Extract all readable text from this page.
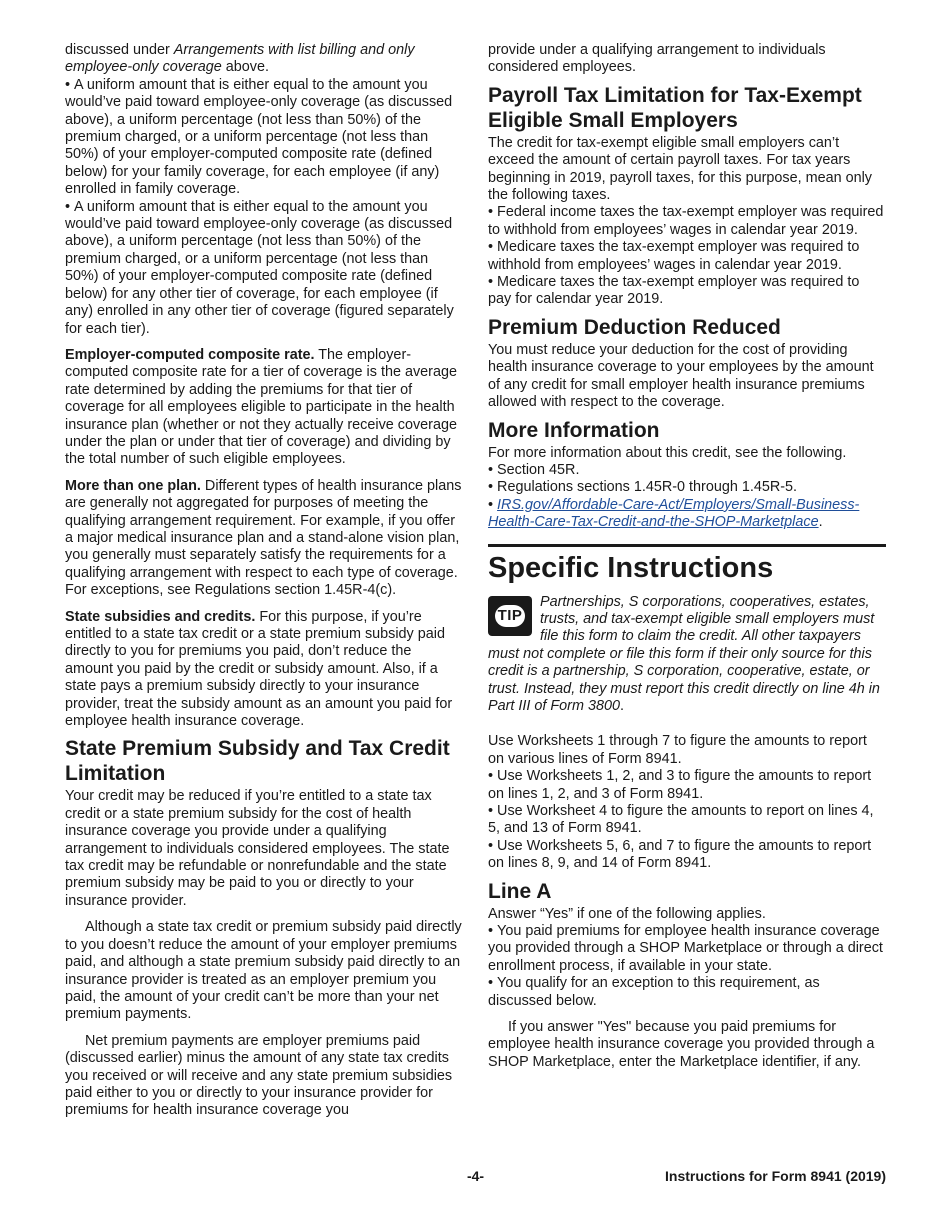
discussed under Arrangements with list billing and only employee-only coverage above.

• A uniform amount that is either equal to the amount you would’ve paid toward employee-only coverage (as discussed above), a uniform percentage (not less than 50%) of the premium charged, or a uniform percentage (not less than 50%) of your employer-computed composite rate (defined below) for your family coverage, for each employee (if any) enrolled in family coverage.

• A uniform amount that is either equal to the amount you would’ve paid toward employee-only coverage (as discussed above), a uniform percentage (not less than 50%) of the premium charged, or a uniform percentage (not less than 50%) of your employer-computed composite rate (defined below) for any other tier of coverage, for each employee (if any) enrolled in any other tier of coverage (figured separately for each tier).

Employer-computed composite rate. The employer-computed composite rate for a tier of coverage is the average rate determined by adding the premiums for that tier of coverage for all employees eligible to participate in the health insurance plan (whether or not they actually receive coverage under the plan or under that tier of coverage) and dividing by the total number of such eligible employees.

More than one plan. Different types of health insurance plans are generally not aggregated for purposes of meeting the qualifying arrangement requirement. For example, if you offer a major medical insurance plan and a stand-alone vision plan, you generally must separately satisfy the requirements for a qualifying arrangement with respect to each type of coverage. For exceptions, see Regulations section 1.45R-4(c).

State subsidies and credits. For this purpose, if you’re entitled to a state tax credit or a state premium subsidy paid directly to you for premiums you paid, don’t reduce the amount you paid by the credit or subsidy amount. Also, if a state pays a premium subsidy directly to your insurance provider, treat the subsidy amount as an amount you paid for employee health insurance coverage.

State Premium Subsidy and Tax Credit Limitation

Your credit may be reduced if you’re entitled to a state tax credit or a state premium subsidy for the cost of health insurance coverage you provide under a qualifying arrangement to individuals considered employees. The state tax credit may be refundable or nonrefundable and the state premium subsidy may be paid to you or directly to your insurance provider.

Although a state tax credit or premium subsidy paid directly to you doesn’t reduce the amount of your employer premiums paid, and although a state premium subsidy paid directly to an insurance provider is treated as an employer premium you paid, the amount of your credit can’t be more than your net premium payments.

Net premium payments are employer premiums paid (discussed earlier) minus the amount of any state tax credits you received or will receive and any state premium subsidies paid either to you or directly to your insurance provider for premiums for health insurance coverage you

provide under a qualifying arrangement to individuals considered employees.

Payroll Tax Limitation for Tax-Exempt Eligible Small Employers

The credit for tax-exempt eligible small employers can’t exceed the amount of certain payroll taxes. For tax years beginning in 2019, payroll taxes, for this purpose, mean only the following taxes.

• Federal income taxes the tax-exempt employer was required to withhold from employees’ wages in calendar year 2019.

• Medicare taxes the tax-exempt employer was required to withhold from employees’ wages in calendar year 2019.

• Medicare taxes the tax-exempt employer was required to pay for calendar year 2019.

Premium Deduction Reduced

You must reduce your deduction for the cost of providing health insurance coverage to your employees by the amount of any credit for small employer health insurance premiums allowed with respect to the coverage.

More Information

For more information about this credit, see the following.

• Section 45R.

• Regulations sections 1.45R-0 through 1.45R-5.

• IRS.gov/Affordable-Care-Act/Employers/Small-Business-Health-Care-Tax-Credit-and-the-SHOP-Marketplace.

Specific Instructions
TIP

Partnerships, S corporations, cooperatives, estates, trusts, and tax-exempt eligible small employers must file this form to claim the credit. All other taxpayers must not complete or file this form if their only source for this credit is a partnership, S corporation, cooperative, estate, or trust. Instead, they must report this credit directly on line 4h in Part III of Form 3800.

Use Worksheets 1 through 7 to figure the amounts to report on various lines of Form 8941.

• Use Worksheets 1, 2, and 3 to figure the amounts to report on lines 1, 2, and 3 of Form 8941.

• Use Worksheet 4 to figure the amounts to report on lines 4, 5, and 13 of Form 8941.

• Use Worksheets 5, 6, and 7 to figure the amounts to report on lines 8, 9, and 14 of Form 8941.

Line A

Answer “Yes” if one of the following applies.

• You paid premiums for employee health insurance coverage you provided through a SHOP Marketplace or through a direct enrollment process, if available in your state.

• You qualify for an exception to this requirement, as discussed below.

If you answer "Yes" because you paid premiums for employee health insurance coverage you provided through a SHOP Marketplace, enter the Marketplace identifier, if any.

-4-	Instructions for Form 8941 (2019)
